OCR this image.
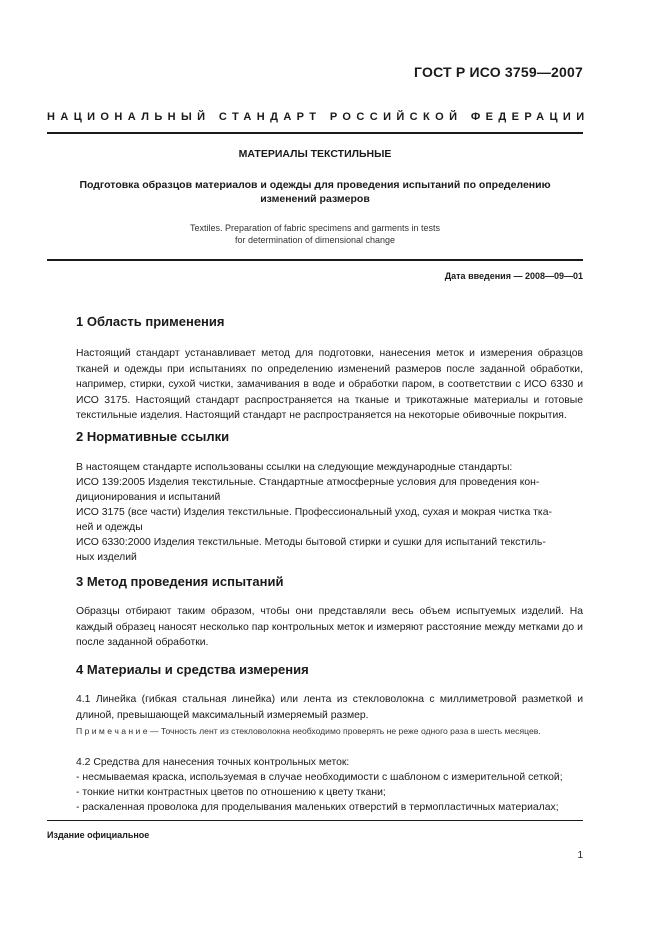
ГОСТ Р ИСО 3759—2007
НАЦИОНАЛЬНЫЙ СТАНДАРТ РОССИЙСКОЙ ФЕДЕРАЦИИ
МАТЕРИАЛЫ ТЕКСТИЛЬНЫЕ
Подготовка образцов материалов и одежды для проведения испытаний по определению
изменений размеров
Textiles. Preparation of fabric specimens and garments in tests
for determination of dimensional change
Дата введения — 2008—09—01
1 Область применения
Настоящий стандарт устанавливает метод для подготовки, нанесения меток и измерения образцов тканей и одежды при испытаниях по определению изменений размеров после заданной обработки, например, стирки, сухой чистки, замачивания в воде и обработки паром, в соответствии с ИСО 6330 и ИСО 3175. Настоящий стандарт распространяется на тканые и трикотажные материалы и готовые текстильные изделия. Настоящий стандарт не распространяется на некоторые обивочные покрытия.
2 Нормативные ссылки
В настоящем стандарте использованы ссылки на следующие международные стандарты:
ИСО 139:2005 Изделия текстильные. Стандартные атмосферные условия для проведения кон-
диционирования и испытаний
ИСО 3175 (все части) Изделия текстильные. Профессиональный уход, сухая и мокрая чистка тка-
ней и одежды
ИСО 6330:2000 Изделия текстильные. Методы бытовой стирки и сушки для испытаний текстиль-
ных изделий
3 Метод проведения испытаний
Образцы отбирают таким образом, чтобы они представляли весь объем испытуемых изделий. На каждый образец наносят несколько пар контрольных меток и измеряют расстояние между метками до и после заданной обработки.
4 Материалы и средства измерения
4.1 Линейка (гибкая стальная линейка) или лента из стекловолокна с миллиметровой разметкой и длиной, превышающей максимальный измеряемый размер.
П р и м е ч а н и е — Точность лент из стекловолокна необходимо проверять не реже одного раза в шесть месяцев.
4.2 Средства для нанесения точных контрольных меток:
- несмываемая краска, используемая в случае необходимости с шаблоном с измерительной сеткой;
- тонкие нитки контрастных цветов по отношению к цвету ткани;
- раскаленная проволока для проделывания маленьких отверстий в термопластичных материалах;
Издание официальное
1
